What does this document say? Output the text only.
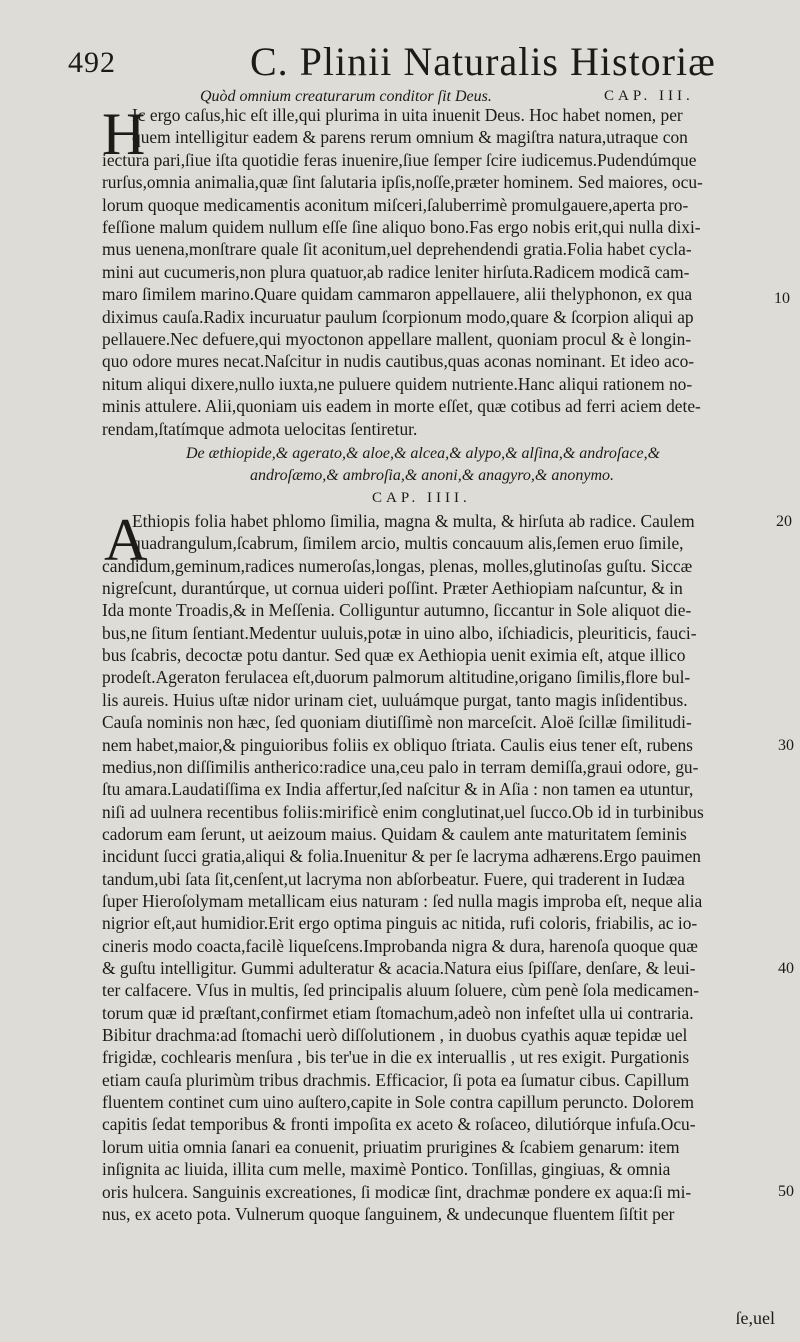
492	C. Plinii Naturalis Historiæ
Quòd omnium creaturarum conditor ſit Deus.	CAP. III.
H
Ic ergo caſus,hic eſt ille,qui plurima in uita inuenit Deus. Hoc habet nomen, per
quem intelligitur eadem & parens rerum omnium & magiſtra natura,utraque con
iectura pari,ſiue iſta quotidie feras inuenire,ſiue ſemper ſcire iudicemus.Pudendúmque
rurſus,omnia animalia,quæ ſint ſalutaria ipſis,noſſe,præter hominem. Sed maiores, ocu-
lorum quoque medicamentis aconitum miſceri,ſaluberrimè promulgauere,aperta pro-
feſſione malum quidem nullum eſſe ſine aliquo bono.Fas ergo nobis erit,qui nulla dixi-
mus uenena,monſtrare quale ſit aconitum,uel deprehendendi gratia.Folia habet cycla-
mini aut cucumeris,non plura quatuor,ab radice leniter hirſuta.Radicem modicã cam-
maro ſimilem marino.Quare quidam cammaron appellauere, alii thelyphonon, ex qua
diximus cauſa.Radix incuruatur paulum ſcorpionum modo,quare & ſcorpion aliqui ap
pellauere.Nec defuere,qui myoctonon appellare mallent, quoniam procul & è longin-
quo odore mures necat.Naſcitur in nudis cautibus,quas aconas nominant. Et ideo aco-
nitum aliqui dixere,nullo iuxta,ne puluere quidem nutriente.Hanc aliqui rationem no-
minis attulere. Alii,quoniam uis eadem in morte eſſet, quæ cotibus ad ferri aciem dete-
rendam,ſtatímque admota uelocitas ſentiretur.
De æthiopide,& agerato,& aloe,& alcea,& alypo,& alſina,& androſace,&
androſæmo,& ambroſia,& anoni,& anagyro,& anonymo.
CAP. IIII.
A
Ethiopis folia habet phlomo ſimilia, magna & multa, & hirſuta ab radice. Caulem
quadrangulum,ſcabrum, ſimilem arcio, multis concauum alis,ſemen eruo ſimile,
candidum,geminum,radices numeroſas,longas, plenas, molles,glutinoſas guſtu. Siccæ
nigreſcunt, durantúrque, ut cornua uideri poſſint. Præter Aethiopiam naſcuntur, & in
Ida monte Troadis,& in Meſſenia. Colliguntur autumno, ſiccantur in Sole aliquot die-
bus,ne ſitum ſentiant.Medentur uuluis,potæ in uino albo, iſchiadicis, pleuriticis, fauci-
bus ſcabris, decoctæ potu dantur. Sed quæ ex Aethiopia uenit eximia eſt, atque illico
prodeſt.Ageraton ferulacea eſt,duorum palmorum altitudine,origano ſimilis,flore bul-
lis aureis. Huius uſtæ nidor urinam ciet, uuluámque purgat, tanto magis inſidentibus.
Cauſa nominis non hæc, ſed quoniam diutiſſimè non marceſcit. Aloë ſcillæ ſimilitudi-
nem habet,maior,& pinguioribus foliis ex obliquo ſtriata. Caulis eius tener eſt, rubens
medius,non diſſimilis antherico:radice una,ceu palo in terram demiſſa,graui odore, gu-
ſtu amara.Laudatiſſima ex India affertur,ſed naſcitur & in Aſia : non tamen ea utuntur,
niſi ad uulnera recentibus foliis:mirificè enim conglutinat,uel ſucco.Ob id in turbinibus
cadorum eam ſerunt, ut aeizoum maius. Quidam & caulem ante maturitatem ſeminis
incidunt ſucci gratia,aliqui & folia.Inuenitur & per ſe lacryma adhærens.Ergo pauimen
tandum,ubi ſata ſit,cenſent,ut lacryma non abſorbeatur. Fuere, qui traderent in Iudæa
ſuper Hieroſolymam metallicam eius naturam : ſed nulla magis improba eſt, neque alia
nigrior eſt,aut humidior.Erit ergo optima pinguis ac nitida, rufi coloris, friabilis, ac io-
cineris modo coacta,facilè liqueſcens.Improbanda nigra & dura, harenoſa quoque quæ
& guſtu intelligitur. Gummi adulteratur & acacia.Natura eius ſpiſſare, denſare, & leui-
ter calfacere. Vſus in multis, ſed principalis aluum ſoluere, cùm penè ſola medicamen-
torum quæ id præſtant,confirmet etiam ſtomachum,adeò non infeſtet ulla ui contraria.
Bibitur drachma:ad ſtomachi uerò diſſolutionem , in duobus cyathis aquæ tepidæ uel
frigidæ, cochlearis menſura , bis ter'ue in die ex interuallis , ut res exigit. Purgationis
etiam cauſa plurimùm tribus drachmis. Efficacior, ſi pota ea ſumatur cibus. Capillum
fluentem continet cum uino auſtero,capite in Sole contra capillum perunctо. Dolorem
capitis ſedat temporibus & fronti impoſita ex aceto & roſaceo, dilutiórque infuſa.Ocu-
lorum uitia omnia ſanari ea conuenit, priuatim prurigines & ſcabiem genarum: item
inſignita ac liuida, illita cum melle, maximè Pontico. Tonſillas, gingiuas, & omnia
oris hulcera. Sanguinis excreationes, ſi modicæ ſint, drachmæ pondere ex aqua:ſi mi-
nus, ex aceto pota. Vulnerum quoque ſanguinem, & undecunque fluentem ſiſtit per
10
20
30
40
50
ſe,uel
